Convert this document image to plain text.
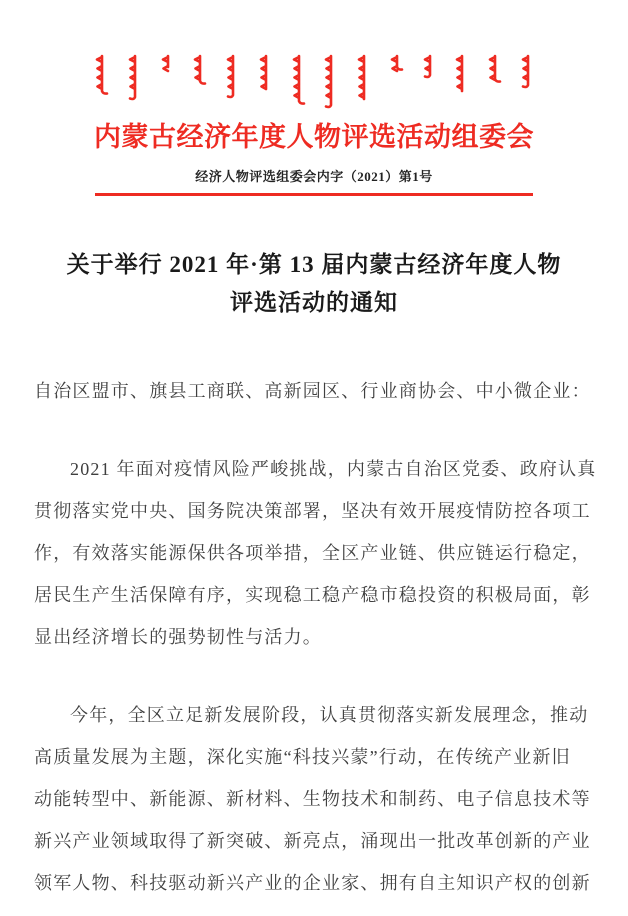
内蒙古经济年度人物评选活动组委会
经济人物评选组委会内字（2021）第1号
关于举行 2021 年·第 13 届内蒙古经济年度人物
评选活动的通知
自治区盟市、旗县工商联、高新园区、行业商协会、中小微企业：
2021 年面对疫情风险严峻挑战，内蒙古自治区党委、政府认真
贯彻落实党中央、国务院决策部署，坚决有效开展疫情防控各项工
作，有效落实能源保供各项举措，全区产业链、供应链运行稳定，
居民生产生活保障有序，实现稳工稳产稳市稳投资的积极局面，彰
显出经济增长的强势韧性与活力。
今年，全区立足新发展阶段，认真贯彻落实新发展理念，推动
高质量发展为主题，深化实施“科技兴蒙”行动，在传统产业新旧
动能转型中、新能源、新材料、生物技术和制药、电子信息技术等
新兴产业领域取得了新突破、新亮点，涌现出一批改革创新的产业
领军人物、科技驱动新兴产业的企业家、拥有自主知识产权的创新
